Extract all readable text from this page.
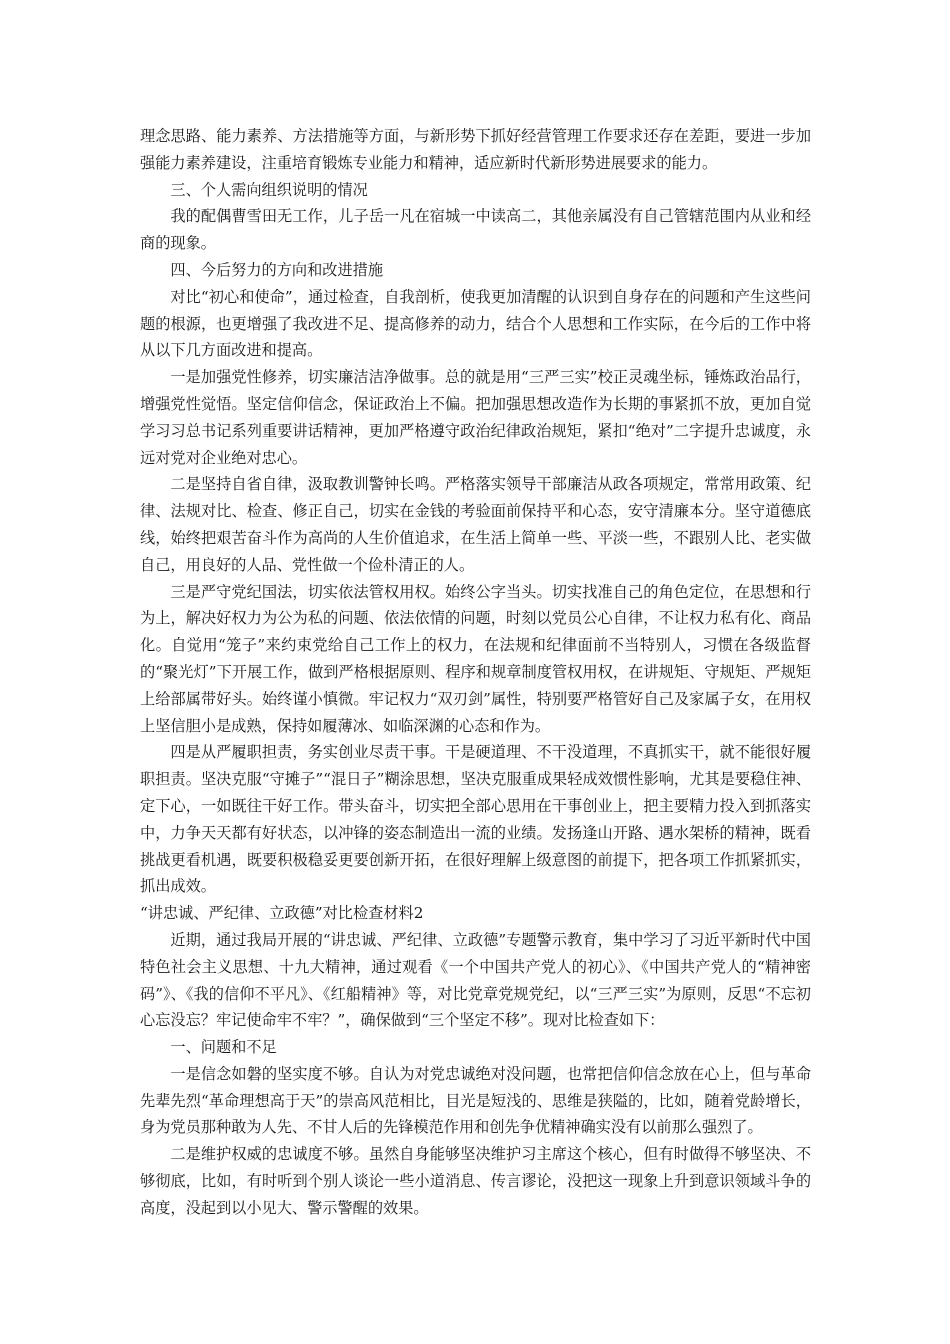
理念思路、能力素养、方法措施等方面，与新形势下抓好经营管理工作要求还存在差距，要进一步加强能力素养建设，注重培育锻炼专业能力和精神，适应新时代新形势进展要求的能力。

三、个人需向组织说明的情况

我的配偶曹雪田无工作，儿子岳一凡在宿城一中读高二，其他亲属没有自己管辖范围内从业和经商的现象。

四、今后努力的方向和改进措施

对比“初心和使命”，通过检查，自我剖析，使我更加清醒的认识到自身存在的问题和产生这些问题的根源，也更增强了我改进不足、提高修养的动力，结合个人思想和工作实际，在今后的工作中将从以下几方面改进和提高。

一是加强党性修养，切实廉洁洁净做事。总的就是用“三严三实”校正灵魂坐标，锤炼政治品行，增强党性觉悟。坚定信仰信念，保证政治上不偏。把加强思想改造作为长期的事紧抓不放，更加自觉学习习总书记系列重要讲话精神，更加严格遵守政治纪律政治规矩，紧扣“绝对”二字提升忠诚度，永远对党对企业绝对忠心。

二是坚持自省自律，汲取教训警钟长鸣。严格落实领导干部廉洁从政各项规定，常常用政策、纪律、法规对比、检查、修正自己，切实在金钱的考验面前保持平和心态，安守清廉本分。坚守道德底线，始终把艰苦奋斗作为高尚的人生价值追求，在生活上简单一些、平淡一些，不跟别人比、老实做自己，用良好的人品、党性做一个俭朴清正的人。

三是严守党纪国法，切实依法管权用权。始终公字当头。切实找准自己的角色定位，在思想和行为上，解决好权力为公为私的问题、依法依情的问题，时刻以党员公心自律，不让权力私有化、商品化。自觉用“笼子”来约束党给自己工作上的权力，在法规和纪律面前不当特别人，习惯在各级监督的“聚光灯”下开展工作，做到严格根据原则、程序和规章制度管权用权，在讲规矩、守规矩、严规矩上给部属带好头。始终谨小慎微。牢记权力“双刃剑”属性，特别要严格管好自己及家属子女，在用权上坚信胆小是成熟，保持如履薄冰、如临深渊的心态和作为。

四是从严履职担责，务实创业尽责干事。干是硬道理、不干没道理，不真抓实干，就不能很好履职担责。坚决克服“守摊子”“混日子”糊涂思想，坚决克服重成果轻成效惯性影响，尤其是要稳住神、定下心，一如既往干好工作。带头奋斗，切实把全部心思用在干事创业上，把主要精力投入到抓落实中，力争天天都有好状态，以冲锋的姿态制造出一流的业绩。发扬逢山开路、遇水架桥的精神，既看挑战更看机遇，既要积极稳妥更要创新开拓，在很好理解上级意图的前提下，把各项工作抓紧抓实，抓出成效。

“讲忠诚、严纪律、立政德”对比检查材料2

近期，通过我局开展的“讲忠诚、严纪律、立政德”专题警示教育，集中学习了习近平新时代中国特色社会主义思想、十九大精神，通过观看《一个中国共产党人的初心》、《中国共产党人的“精神密码”》、《我的信仰不平凡》、《红船精神》等，对比党章党规党纪，以“三严三实”为原则，反思“不忘初心忘没忘？牢记使命牢不牢？”，确保做到“三个坚定不移”。现对比检查如下：

一、问题和不足

一是信念如磐的坚实度不够。自认为对党忠诚绝对没问题，也常把信仰信念放在心上，但与革命先辈先烈“革命理想高于天”的崇高风范相比，目光是短浅的、思维是狭隘的，比如，随着党龄增长，身为党员那种敢为人先、不甘人后的先锋模范作用和创先争优精神确实没有以前那么强烈了。

二是维护权威的忠诚度不够。虽然自身能够坚决维护习主席这个核心，但有时做得不够坚决、不够彻底，比如，有时听到个别人谈论一些小道消息、传言谬论，没把这一现象上升到意识领域斗争的高度，没起到以小见大、警示警醒的效果。
